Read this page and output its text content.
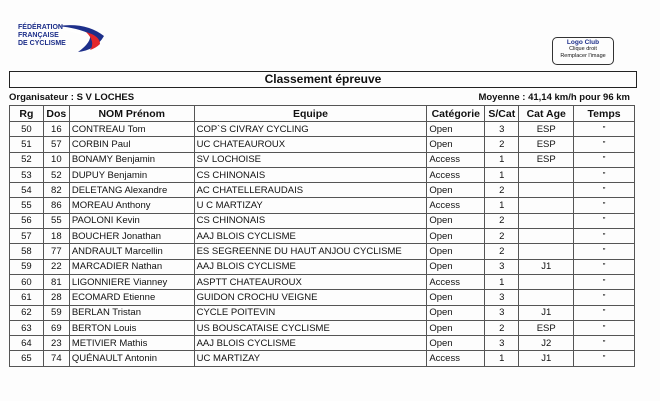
FÉDÉRATION
FRANÇAISE
DE CYCLISME	Logo Club
Clique droit
Remplacer l'image
Classement épreuve
Organisateur : S V LOCHES	Moyenne : 41,14 km/h pour 96 km
Rg	Dos	NOM Prénom	Equipe	Catégorie	S/Cat	Cat Age	Temps
50	16	CONTREAU Tom	COP`S CIVRAY CYCLING	Open	3	ESP	"
51	57	CORBIN Paul	UC CHATEAUROUX	Open	2	ESP	"
52	10	BONAMY Benjamin	SV LOCHOISE	Access	1	ESP	"
53	52	DUPUY Benjamin	CS CHINONAIS	Access	1		"
54	82	DELETANG Alexandre	AC CHATELLERAUDAIS	Open	2		"
55	86	MOREAU Anthony	U C MARTIZAY	Access	1		"
56	55	PAOLONI Kevin	CS CHINONAIS	Open	2		"
57	18	BOUCHER Jonathan	AAJ BLOIS CYCLISME	Open	2		"
58	77	ANDRAULT Marcellin	ES SEGREENNE DU HAUT ANJOU CYCLISME	Open	2		"
59	22	MARCADIER Nathan	AAJ BLOIS CYCLISME	Open	3	J1	"
60	81	LIGONNIERE Vianney	ASPTT CHATEAUROUX	Access	1		"
61	28	ECOMARD Etienne	GUIDON CROCHU VEIGNE	Open	3		"
62	59	BERLAN Tristan	CYCLE POITEVIN	Open	3	J1	"
63	69	BERTON Louis	US BOUSCATAISE CYCLISME	Open	2	ESP	"
64	23	METIVIER Mathis	AAJ BLOIS CYCLISME	Open	3	J2	"
65	74	QUÉNAULT Antonin	UC MARTIZAY	Access	1	J1	"
